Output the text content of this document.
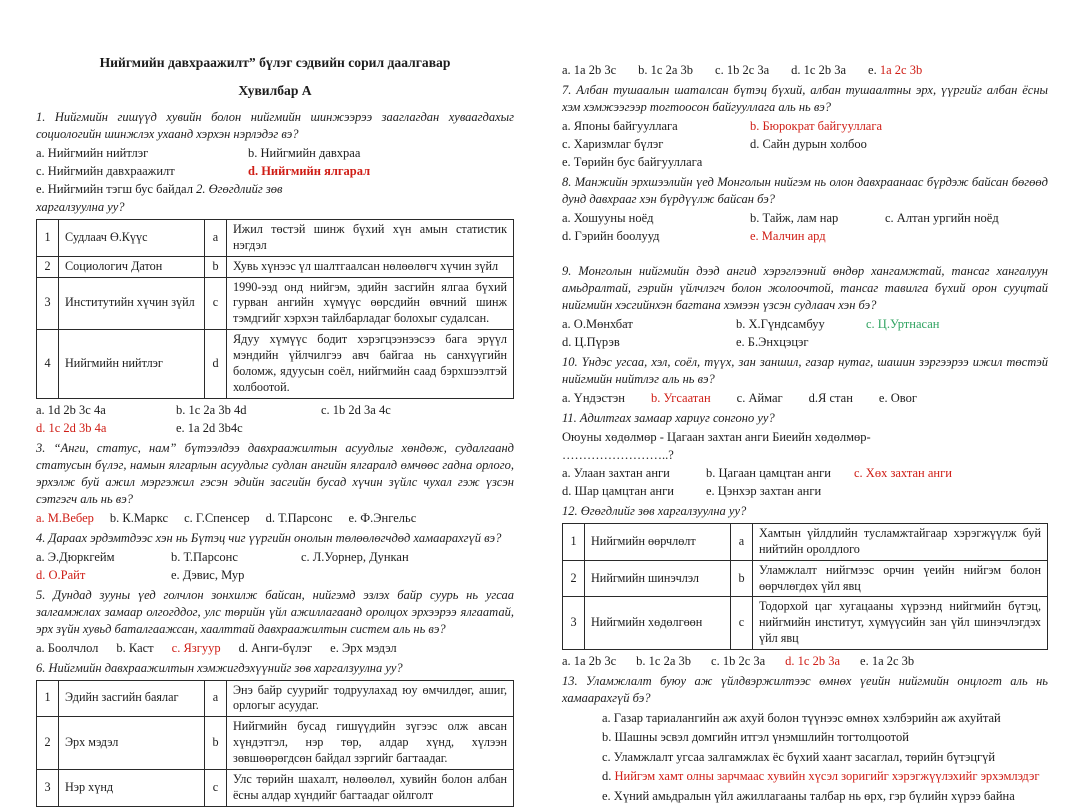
Нийгмийн давхраажилт” бүлэг сэдвийн сорил даалгавар
Хувилбар А

1. Нийгмийн гишүүд хувийн болон нийгмийн шинжээрээ зааглагдан хуваагдахыг социологийн шинжлэх ухаанд хэрхэн нэрлэдэг вэ?

a. Нийгмийн нийтлэг	b. Нийгмийн давхраа
c. Нийгмийн давхраажилт	d. Нийгмийн ялгарал
e. Нийгмийн тэгш бус байдал 2. Өгөгдлийг зөв
харгалзуулна уу?
1	Судлаач Ө.Күүс	a	Ижил төстэй шинж бүхий хүн амын статистик нэгдэл
2	Социологич Датон	b	Хувь хүнээс үл шалтгаалсан нөлөөлөгч хүчин зүйл
3	Институтийн хүчин зүйл	c	1990-ээд онд нийгэм, эдийн засгийн ялгаа бүхий гурван ангийн хүмүүс өөрсдийн өвчний шинж тэмдгийг хэрхэн тайлбарладаг болохыг судалсан.
4	Нийгмийн нийтлэг	d	Ядуу хүмүүс бодит хэрэгцээнээсээ бага эрүүл мэндийн үйлчилгээ авч байгаа нь санхүүгийн боломж, ядуусын соёл, нийгмийн саад бэрхшээлтэй холбоотой.
a. 1d 2b 3c 4a	b. 1c 2a 3b 4d	c. 1b 2d 3a 4c
d. 1c 2d 3b 4a	e. 1a 2d 3b4c

3. “Анги, статус, нам” бүтээлдээ давхраажилтын асуудлыг хөндөж, судалгаанд статусын бүлэг, намын ялгарлын асуудлыг судлан ангийн ялгаралд өмчөөс гадна орлого, эрхэлж буй ажил мэргэжил гэсэн эдийн засгийн бусад хүчин зүйлс чухал гэж үзсэн сэтгэгч аль нь вэ?

a. М.Вебер b. К.Маркс c. Г.Спенсер d. Т.Парсонс e. Ф.Энгельс

4. Дараах эрдэмтдээс хэн нь Бүтэц чиг үүргийн онолын төлөөлөгчдөд хамаарахгүй вэ?

a. Э.Дюркгейм	b. Т.Парсонс	c. Л.Уорнер, Дункан
d. О.Райт	e. Дэвис, Мур

5. Дундад зууны үед голчлон зонхилж байсан, нийгэмд эзлэх байр суурь нь угсаа залгамжлах замаар олгогддог, улс төрийн үйл ажиллагаанд оролцох эрхээрээ ялгаатай, эрх зүйн хувьд баталгаажсан, хаалттай давхраажилтын систем аль нь вэ?

a. Боолчлол b. Каст c. Язгуур d. Анги-бүлэг e. Эрх мэдэл

6. Нийгмийн давхраажилтын хэмжигдэхүүнийг зөв харгалзуулна уу?

1	Эдийн засгийн баялаг	a	Энэ байр суурийг тодруулахад юу өмчилдөг, ашиг, орлогыг асуудаг.
2	Эрх мэдэл	b	Нийгмийн бусад гишүүдийн зүгээс олж авсан хүндэтгэл, нэр төр, алдар хүнд, хүлээн зөвшөөрөгдсөн байдал зэргийг багтаадаг.
3	Нэр хүнд	c	Улс төрийн шахалт, нөлөөлөл, хувийн болон албан ёсны алдар хүндийг багтаадаг ойлголт
a. 1a 2b 3c b. 1c 2a 3b c. 1b 2c 3a d. 1c 2b 3a e. 1a 2c 3b

7. Албан тушаалын шаталсан бүтэц бүхий, албан тушаалтны эрх, үүргийг албан ёсны хэм хэмжээгээр тогтоосон байгууллага аль нь вэ?

a. Японы байгууллага	b. Бюрократ байгууллага
c. Харизмлаг бүлэг	d. Сайн дурын холбоо
e. Төрийн бус байгууллага

8. Манжийн эрхшээлийн үед Монголын нийгэм нь олон давхраанаас бүрдэж байсан бөгөөд дунд давхрааг хэн бүрдүүлж байсан бэ?

a. Хошууны ноёд	b. Тайж, лам нар	c. Алтан ургийн ноёд
d. Гэрийн боолууд	e. Малчин ард

9. Монголын нийгмийн дээд ангид хэрэглээний өндөр хангамжтай, тансаг хангалуун амьдралтай, гэрийн үйлчлэгч болон жолоочтой, тансаг тавилга бүхий орон сууцтай нийгмийн хэсгийнхэн багтана хэмээн үзсэн судлаач хэн бэ?

a. О.Мөнхбат	b. Х.Гүндсамбуу	c. Ц.Уртнасан
d. Ц.Пүрэв	e. Б.Энхцэцэг

10. Үндэс угсаа, хэл, соёл, түүх, зан заншил, газар нутаг, шашин зэргээрээ ижил төстэй нийгмийн нийтлэг аль нь вэ?

a. Үндэстэн b. Угсаатан c. Аймаг d.Я стан e. Овог

11. Адилтгах замаар хариуг сонгоно уу?

Оюуны хөдөлмөр - Цагаан захтан анги Биеийн хөдөлмөр-
……………………..?
a. Улаан захтан анги	b. Цагаан цамцтан анги	c. Хөх захтан анги
d. Шар цамцтан анги	e. Цэнхэр захтан анги

12. Өгөгдлийг зөв харгалзуулна уу?

1	Нийгмийн өөрчлөлт	a	Хамтын үйлдлийн тусламжтайгаар хэрэгжүүлж буй нийтийн оролдлого
2	Нийгмийн шинэчлэл	b	Уламжлалт нийгмээс орчин үеийн нийгэм болон өөрчлөгдөх үйл явц
3	Нийгмийн хөдөлгөөн	c	Тодорхой цаг хугацааны хүрээнд нийгмийн бүтэц, нийгмийн институт, хүмүүсийн зан үйл шинэчлэгдэх үйл явц
a. 1a 2b 3c b. 1c 2a 3b c. 1b 2c 3a d. 1c 2b 3a e. 1a 2c 3b

13. Уламжлалт буюу аж үйлдвэржилтээс өмнөх үеийн нийгмийн онцлогт аль нь хамаарахгүй бэ?

a. Газар тариалангийн аж ахуй болон түүнээс өмнөх хэлбэрийн аж ахуйтай
b. Шашны эсвэл домгийн итгэл үнэмшлийн тогтолцоотой
c. Уламжлалт угсаа залгамжлах ёс бүхий хаант засаглал, төрийн бүтэцгүй
d. Нийгэм хамт олны зарчмаас хувийн хүсэл зоригийг хэрэгжүүлэхийг эрхэмлэдэг
e. Хүний амьдралын үйл ажиллагааны талбар нь өрх, гэр бүлийн хүрээ байна
